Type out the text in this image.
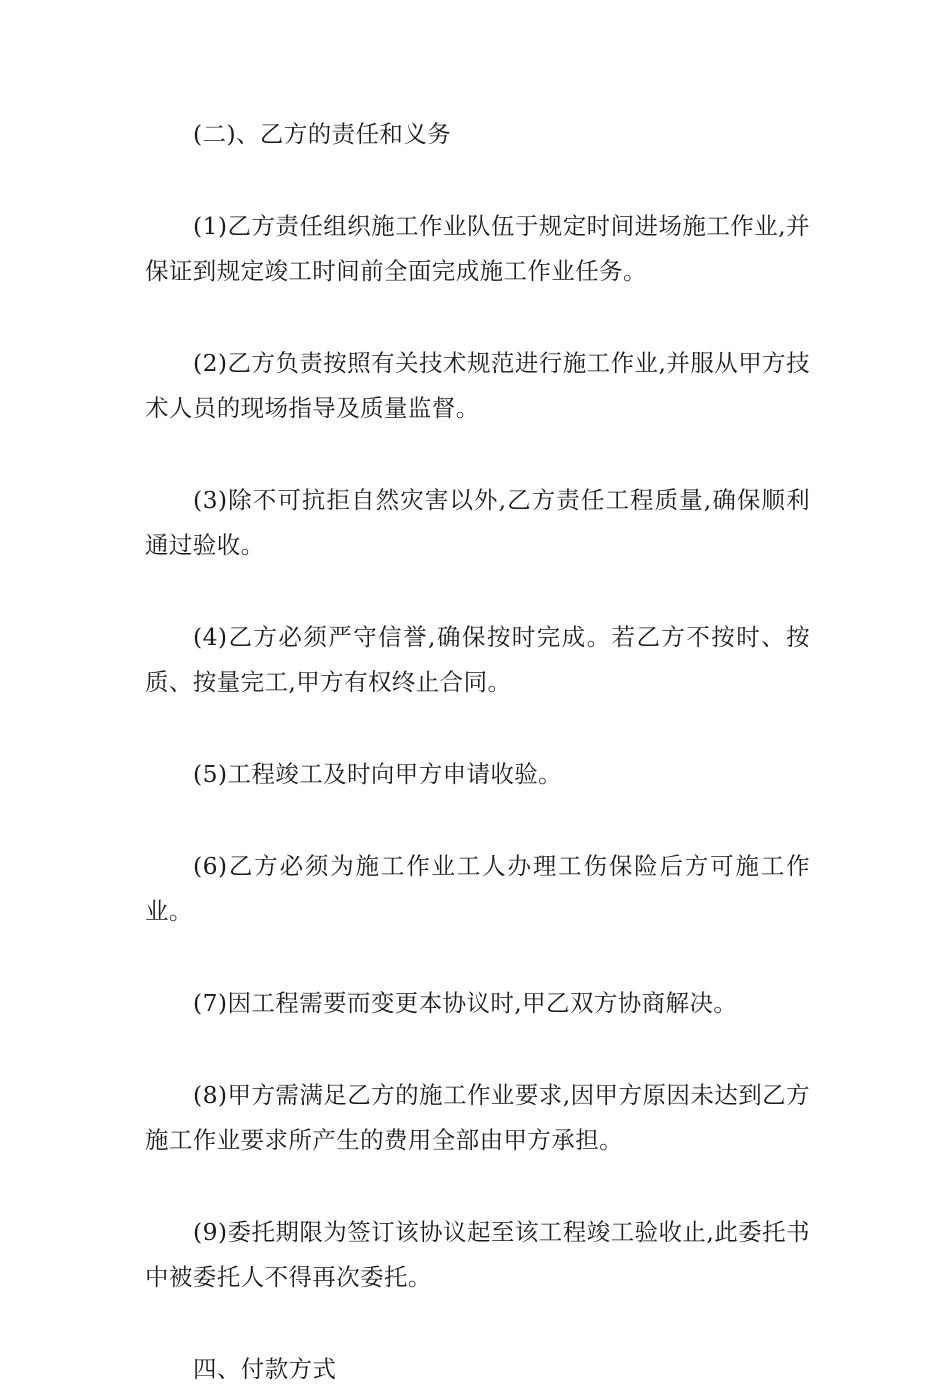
(二)、乙方的责任和义务

(1)乙方责任组织施工作业队伍于规定时间进场施工作业,并保证到规定竣工时间前全面完成施工作业任务。

(2)乙方负责按照有关技术规范进行施工作业,并服从甲方技术人员的现场指导及质量监督。

(3)除不可抗拒自然灾害以外,乙方责任工程质量,确保顺利通过验收。

(4)乙方必须严守信誉,确保按时完成。若乙方不按时、按质、按量完工,甲方有权终止合同。

(5)工程竣工及时向甲方申请收验。

(6)乙方必须为施工作业工人办理工伤保险后方可施工作业。

(7)因工程需要而变更本协议时,甲乙双方协商解决。

(8)甲方需满足乙方的施工作业要求,因甲方原因未达到乙方施工作业要求所产生的费用全部由甲方承担。

(9)委托期限为签订该协议起至该工程竣工验收止,此委托书中被委托人不得再次委托。

四、付款方式
